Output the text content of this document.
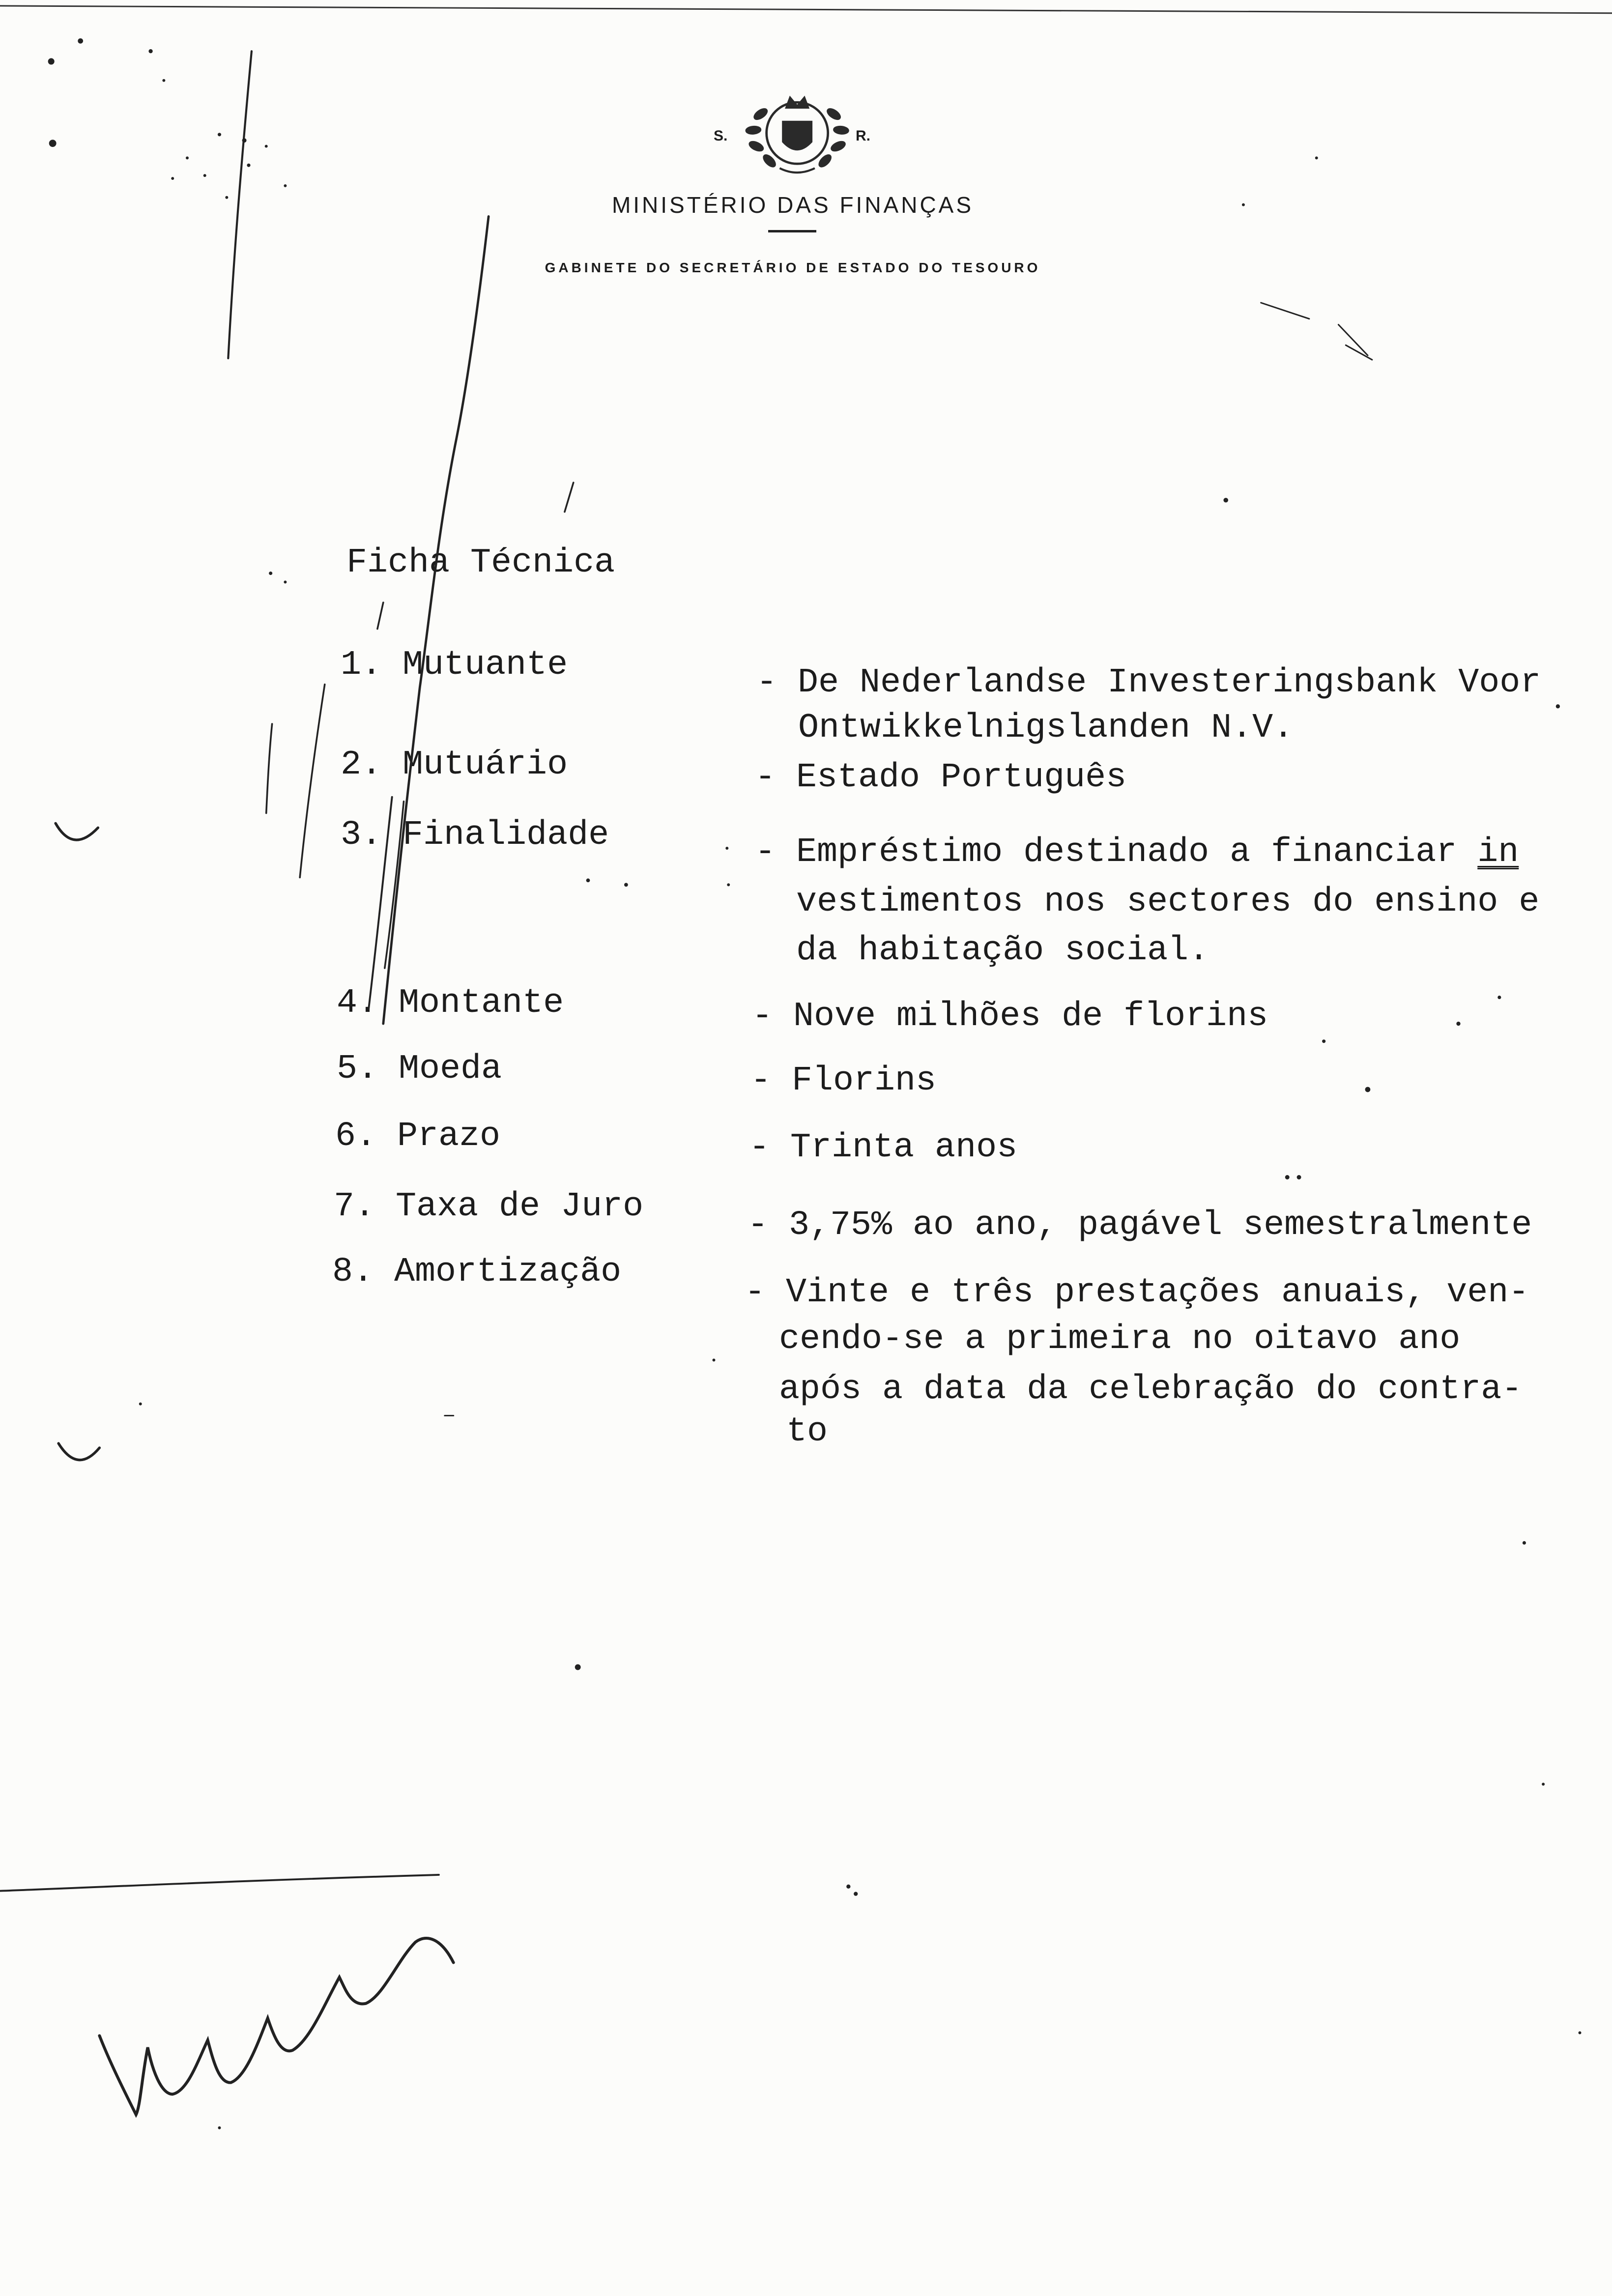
S.	R.
MINISTÉRIO DAS FINANÇAS
GABINETE DO SECRETÁRIO DE ESTADO DO TESOURO
Ficha Técnica
1. Mutuante
2. Mutuário
3. Finalidade
4. Montante
5. Moeda
6. Prazo
7. Taxa de Juro
8. Amortização
- De Nederlandse Investeringsbank Voor
Ontwikkelnigslanden N.V.
- Estado Português
- Empréstimo destinado a financiar in
vestimentos nos sectores do ensino e
da habitação social.
- Nove milhões de florins
- Florins
- Trinta anos
- 3,75% ao ano, pagável semestralmente
- Vinte e três prestações anuais, ven-
cendo-se a primeira no oitavo ano
após a data da celebração do contra-
to
